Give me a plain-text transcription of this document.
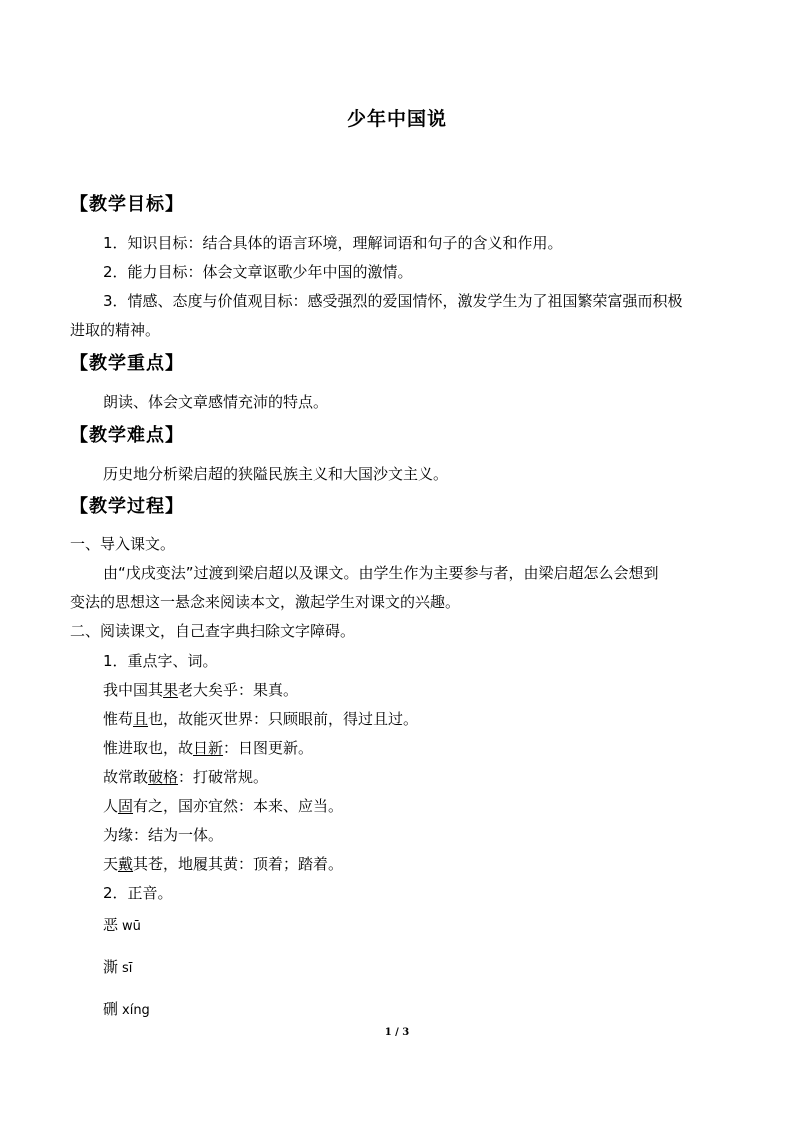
少年中国说
【教学目标】
1．知识目标：结合具体的语言环境，理解词语和句子的含义和作用。
2．能力目标：体会文章讴歌少年中国的激情。
3．情感、态度与价值观目标：感受强烈的爱国情怀，激发学生为了祖国繁荣富强而积极
进取的精神。
【教学重点】
朗读、体会文章感情充沛的特点。
【教学难点】
历史地分析梁启超的狭隘民族主义和大国沙文主义。
【教学过程】
一、导入课文。
由“戊戌变法”过渡到梁启超以及课文。由学生作为主要参与者，由梁启超怎么会想到
变法的思想这一悬念来阅读本文，激起学生对课文的兴趣。
二、阅读课文，自己查字典扫除文字障碍。
1．重点字、词。
我中国其果老大矣乎：果真。
惟苟且也，故能灭世界：只顾眼前，得过且过。
惟进取也，故日新：日图更新。
故常敢破格：打破常规。
人固有之，国亦宜然：本来、应当。
为缘：结为一体。
天戴其苍，地履其黄：顶着；踏着。
2．正音。
恶 wū
澌 sī
硎 xíng
1 / 3
